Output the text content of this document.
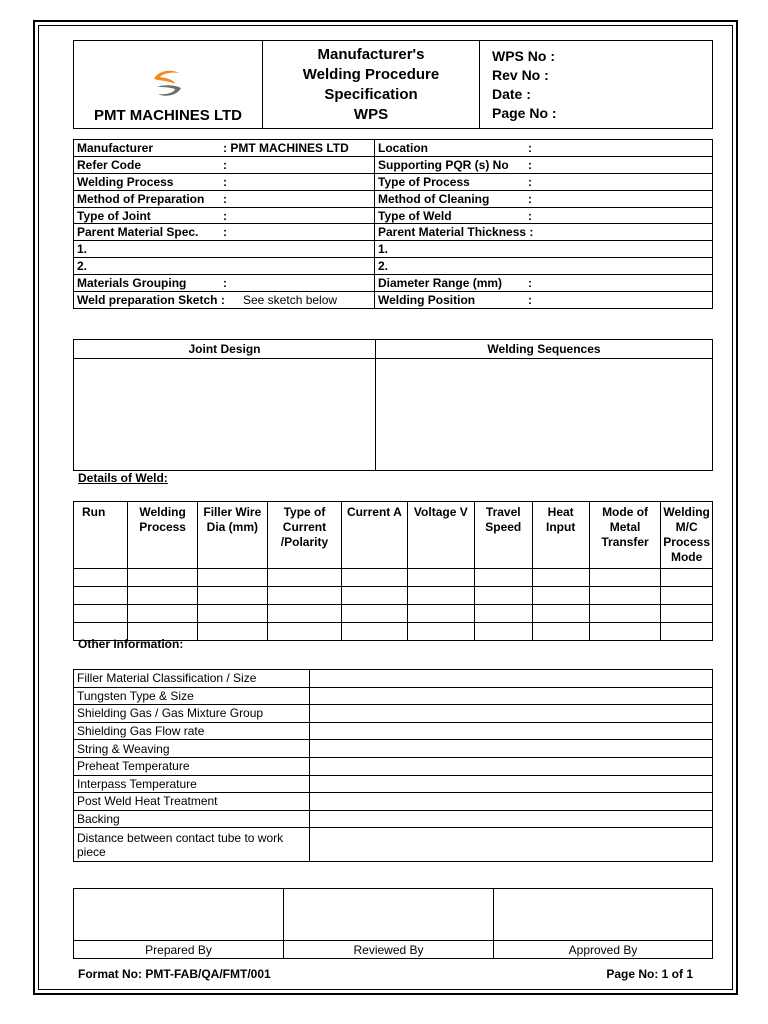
PMT MACHINES LTD
	Manufacturer's
Welding Procedure
Specification
WPS	
WPS No :
Rev No :
Date :
Page No :
Manufacturer : PMT MACHINES LTD	Location :
Refer Code :	Supporting PQR (s) No :
Welding Process :	Type of Process :
Method of Preparation :	Method of Cleaning :
Type of Joint :	Type of Weld :
Parent Material Spec. :	Parent Material Thickness :
1.	1.
2.	2.
Materials Grouping :	Diameter Range (mm) :
Weld preparation Sketch : See sketch below	Welding Position :
Joint Design	Welding Sequences

Details of Weld:
Run	Welding Process	Filler Wire Dia (mm)	Type of Current /Polarity	Current A	Voltage V	Travel Speed	Heat Input	Mode of Metal Transfer	Welding M/C Process Mode

Other Information:
Filler Material Classification / Size	
Tungsten Type & Size	
Shielding Gas / Gas Mixture Group	
Shielding Gas Flow rate	
String & Weaving	
Preheat Temperature	
Interpass Temperature	
Post Weld Heat Treatment	
Backing	
Distance between contact tube to work piece	

Prepared By	Reviewed By	Approved By
Format No: PMT-FAB/QA/FMT/001	Page No: 1 of 1
